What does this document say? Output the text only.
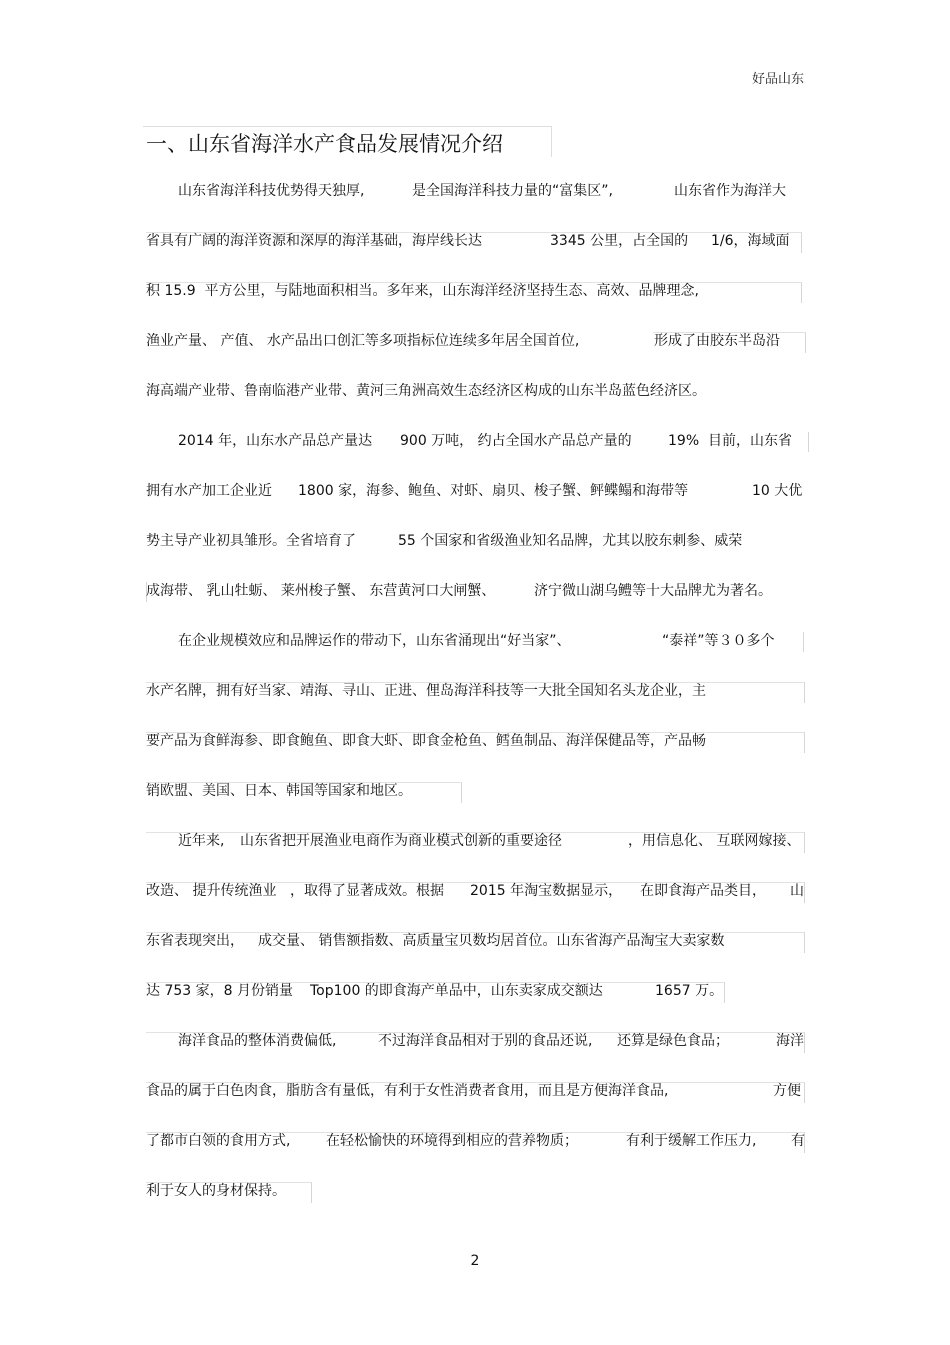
好品山东
一、山东省海洋水产食品发展情况介绍
山东省海洋科技优势得天独厚,	是全国海洋科技力量的“富集区”,	山东省作为海洋大
省具有广阔的海洋资源和深厚的海洋基础，海岸线长达	3345 公里，占全国的 1/6，海域面
积 15.9  平方公里，与陆地面积相当。多年来，山东海洋经济坚持生态、高效、品牌理念,
渔业产量、 产值、 水产品出口创汇等多项指标位连续多年居全国首位,	形成了由胶东半岛沿
海高端产业带、鲁南临港产业带、黄河三角洲高效生态经济区构成的山东半岛蓝色经济区。
2014 年，山东水产品总产量达 900 万吨， 约占全国水产品总产量的	19% 目前，山东省
拥有水产加工企业近 1800 家，海参、鲍鱼、对虾、扇贝、梭子蟹、鲆鲽鳎和海带等	10 大优
势主导产业初具雏形。全省培育了	55 个国家和省级渔业知名品牌，尤其以胶东刺参、威荣
成海带、 乳山牡蛎、 莱州梭子蟹、 东营黄河口大闸蟹、	济宁微山湖乌鳢等十大品牌尤为著名。
在企业规模效应和品牌运作的带动下，山东省涌现出“好当家”、	“泰祥”等３０多个
水产名牌，拥有好当家、靖海、寻山、正进、俚岛海洋科技等一大批全国知名头龙企业，主
要产品为食鲜海参、即食鲍鱼、即食大虾、即食金枪鱼、鳕鱼制品、海洋保健品等，产品畅
销欧盟、美国、日本、韩国等国家和地区。
近年来, 山东省把开展渔业电商作为商业模式创新的重要途径	，用信息化、 互联网嫁接、
改造、 提升传统渔业 ，取得了显著成效。根据 2015 年淘宝数据显示， 在即食海产品类目， 山
东省表现突出， 成交量、 销售额指数、高质量宝贝数均居首位。山东省海产品淘宝大卖家数
达 753 家，8 月份销量 Top100 的即食海产单品中，山东卖家成交额达	1657 万。
海洋食品的整体消费偏低,	不过海洋食品相对于别的食品还说, 还算是绿色食品；	海洋
食品的属于白色肉食，脂肪含有量低，有利于女性消费者食用，而且是方便海洋食品,	方便
了都市白领的食用方式,	在轻松愉快的环境得到相应的营养物质；	有利于缓解工作压力, 有
利于女人的身材保持。
2
